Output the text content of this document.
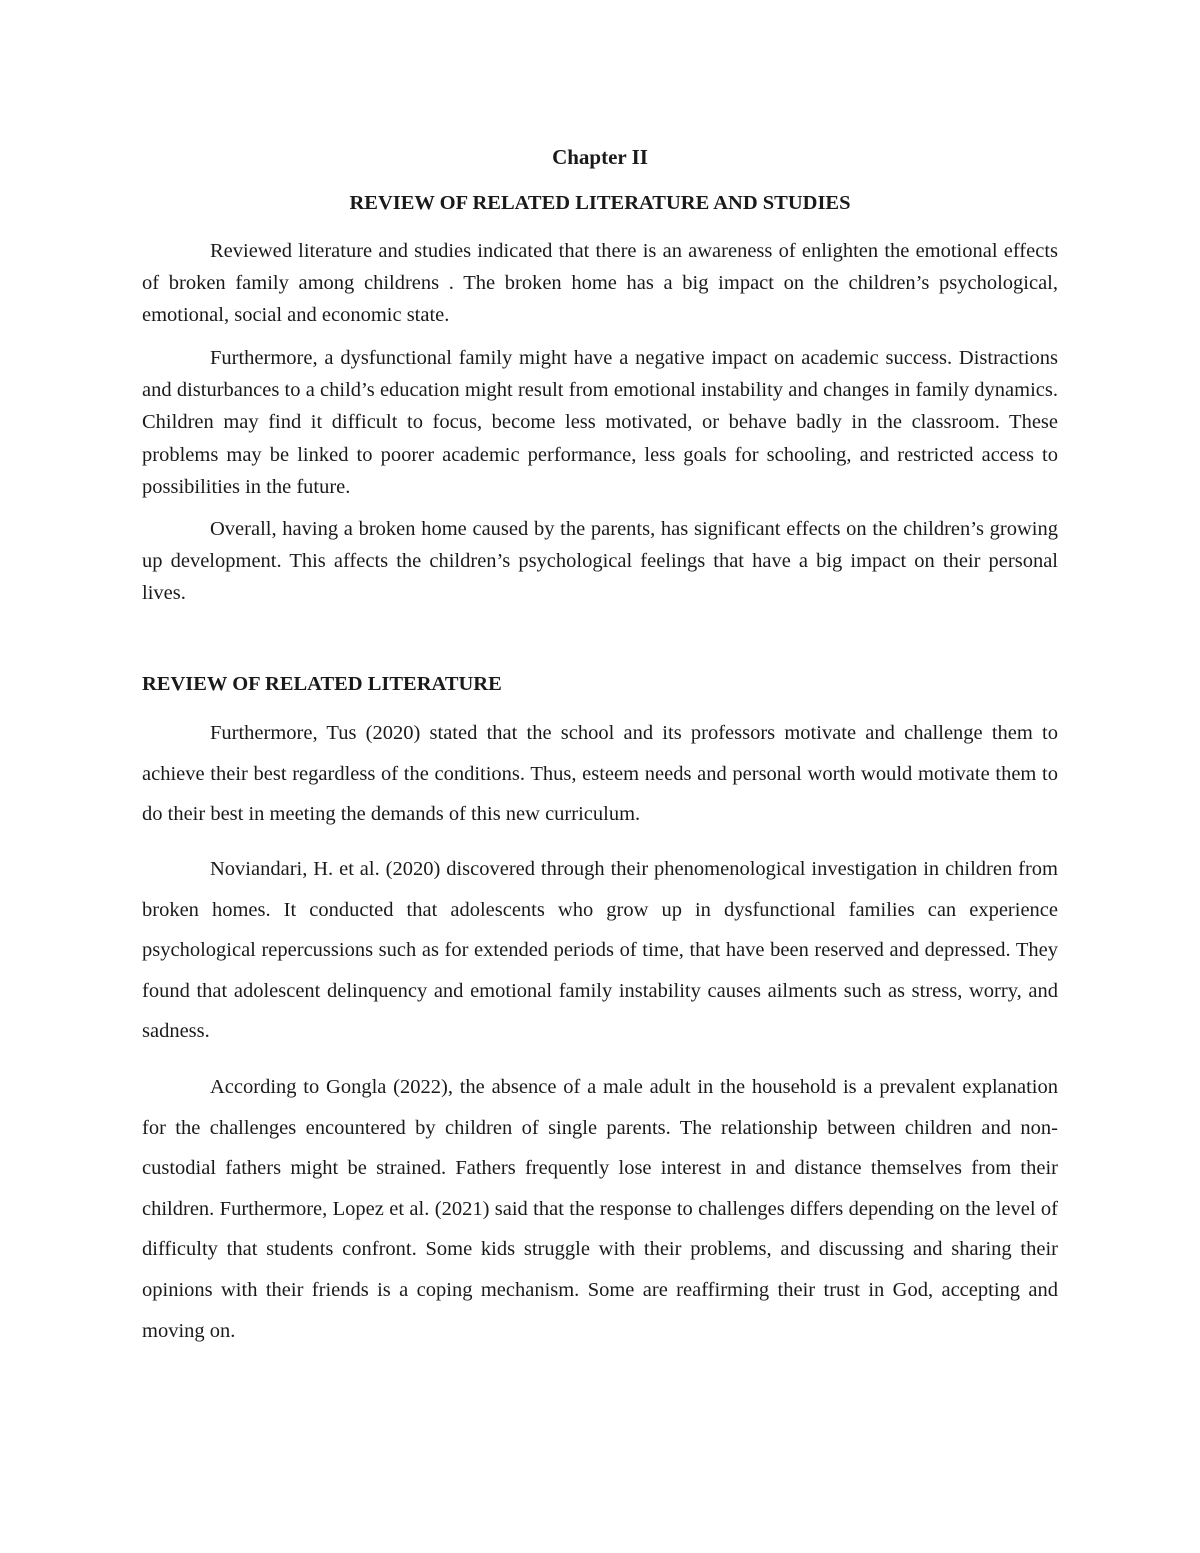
Chapter II
REVIEW OF RELATED LITERATURE AND STUDIES

Reviewed literature and studies indicated that there is an awareness of enlighten the emotional effects of broken family among childrens . The broken home has a big impact on the children’s psychological, emotional, social and economic state.

Furthermore, a dysfunctional family might have a negative impact on academic success. Distractions and disturbances to a child’s education might result from emotional instability and changes in family dynamics. Children may find it difficult to focus, become less motivated, or behave badly in the classroom. These problems may be linked to poorer academic performance, less goals for schooling, and restricted access to possibilities in the future.

Overall, having a broken home caused by the parents, has significant effects on the children’s growing up development. This affects the children’s psychological feelings that have a big impact on their personal lives.

REVIEW OF RELATED LITERATURE

Furthermore, Tus (2020) stated that the school and its professors motivate and challenge them to achieve their best regardless of the conditions. Thus, esteem needs and personal worth would motivate them to do their best in meeting the demands of this new curriculum.

Noviandari, H. et al. (2020) discovered through their phenomenological investigation in children from broken homes. It conducted that adolescents who grow up in dysfunctional families can experience psychological repercussions such as for extended periods of time, that have been reserved and depressed. They found that adolescent delinquency and emotional family instability causes ailments such as stress, worry, and sadness.

According to Gongla (2022), the absence of a male adult in the household is a prevalent explanation for the challenges encountered by children of single parents. The relationship between children and non-custodial fathers might be strained. Fathers frequently lose interest in and distance themselves from their children. Furthermore, Lopez et al. (2021) said that the response to challenges differs depending on the level of difficulty that students confront. Some kids struggle with their problems, and discussing and sharing their opinions with their friends is a coping mechanism. Some are reaffirming their trust in God, accepting and moving on.
